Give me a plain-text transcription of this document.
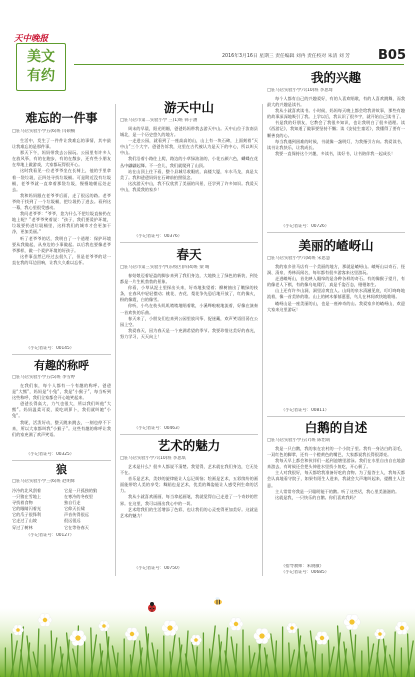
天中晚报
美文有约
2016年3月16日 星期三 责任编辑 刘冉 责任校对 朱清 刘 芳 B05
难忘的一件事
□驻马店实验小学五(6)班 闫硕楠

生活中，发生了一件件让我难忘的事情，其中最让我难忘的是那件事。

那天下午，妈妈带我去公园玩。公园里有许多人在放风筝，有的在跑步，有的在散步，还有些小朋友在草地上做游戏，大家都玩得很开心。

这时我看见一位老爷爷坐在长椅上，他的手里拿着一袋垃圾，正四处寻找垃圾桶。可是附近没有垃圾桶，老爷爷就一直拿着那袋垃圾，慢慢地朝远处走去。

我和妈妈跟在老爷爷后面，走了很远的路。老爷爷终于找到了一个垃圾桶，把垃圾扔了进去。看到这一幕，我心里很受感动。

我问老爷爷：“爷爷，您为什么不把垃圾直接扔在地上呢？”老爷爷笑着说：“孩子，我们要爱护环境，垃圾要扔进垃圾桶里，这样我们的城市才会更加干净，更加美丽。”

听了老爷爷的话，我明白了一个道理：保护环境要从我做起，从身边的小事做起。以后我也要像老爷爷那样，做一个爱护环境的好孩子。

这件事虽然已经过去很久了，但是老爷爷的话一直在我的耳边回响，让我久久难以忘怀。

（小记者证号：00145）
有趣的称呼
□驻马店实验小学五(5)班 李雪婷

在我们家，每个人都有一个有趣的称呼。爸爸是“大熊”，妈妈是“小兔”，我是“小猴子”，每当听到这些称呼，我们全家都会开心地笑起来。

爸爸长得高大，力气也很大，所以我们叫他“大熊”。妈妈温柔可爱，爱吃胡萝卜，我们就叫她“小兔”。

我呢，活泼好动，整天跳来跳去，一刻也停不下来，所以大家都叫我“小猴子”。这些有趣的称呼让我们的家充满了欢声笑语。

（小记者证号：00325）
狼
□驻马店实验小学三(6)班 赵明辉
冷冷的北风刮着
一只狼在雪地上
寻找着食物
它的眼睛闪着光
它的爪子很锋利
它走过了山坡
穿过了树林
它是一只孤独的狼
在寒冷的冬夜里
独自行走
它仰天长啸
声音传得很远
很远很远
它在等待春天
（小记者证号：00127）
游天中山
□驻马店市第二实验小学 三(1)班 韩子涵

周末的早晨，阳光明媚，爸爸妈妈带我去游天中山。天中山位于汝南县城北，是一个历史悠久的地方。

一走进公园，就看到了一座高高的山，山上有一块石碑，上面刻着“天中山”三个大字。爸爸告诉我，这里在古代被认为是天下的中心，所以叫天中山。

我们沿着小路往上爬，路边的小草绿油油的，小花五颜六色，蝴蝶在花丛中翩翩起舞。不一会儿，我们就爬到了山顶。

站在山顶上往下看，整个县城尽收眼底，高楼大厦，车水马龙，真是太美了。我和爸爸妈妈在石碑前拍照留念。

这次游天中山，我不仅欣赏了美丽的风景，还学到了许多知识。我爱天中山，我爱我的家乡！

（小记者证号：00376）
春天
□驻马店市第三实验小学(东校区)四(4)班 梁 晴

春姑娘迈着轻盈的脚步来到了我们身边，大地换上了绿色的新装，到处都是一片生机勃勃的景象。

你看，小草从泥土里探出头来，好奇地张望着；柳树抽出了嫩绿的枝条，在春风中轻轻摆动；桃花、杏花、梨花争先恐后地开放了，红的像火，粉的像霞，白的像雪。

你听，小鸟在枝头叽叽喳喳地唱着歌，小溪哗啦啦地流着，好像在演奏一首欢快的乐曲。

春天来了，小朋友们也来到公园里放风筝、捉迷藏，欢声笑语回荡在公园上空。

我爱春天，因为春天是一个充满希望的季节。我要珍惜这美好的春光，努力学习，天天向上！

（小记者证号：00463）
艺术的魅力
□驻马店实验小学六(10)班 李思琪

艺术是什么？很多人都说不清楚。我觉得，艺术就在我们身边，它无处不在。

音乐是艺术，美妙的旋律能让人忘记烦恼；绘画是艺术，五彩缤纷的画面能带给人美的享受；舞蹈也是艺术，优美的舞姿能让人感受到生命的活力。

我从小就喜欢画画，每当拿起画笔，我就觉得自己走进了一个奇妙的世界。在这里，我可以画出我心中的一切。

艺术给我们的生活增添了色彩，也让我们的心灵变得更加美好。这就是艺术的魅力！

（小记者证号：00750）
我的兴趣
□驻马店实验小学六(10)班 李思琦

每个人都有自己的兴趣爱好，有的人喜欢唱歌，有的人喜欢跳舞，而我最大的兴趣是读书。

我从小就喜欢读书。小时候，妈妈每天晚上都会给我讲故事，那些有趣的故事深深地吸引了我。上学以后，我认识了很多字，就开始自己读书了。

书是我的好朋友，它教会了我很多知识，也让我明白了很多道理。读《西游记》，我知道了做事要坚持不懈；读《安徒生童话》，我懂得了要有一颗善良的心。

每当我遇到困难的时候，书就像一盏明灯，为我指引方向。我爱读书，读书让我快乐，让我成长。

我要一直保持这个兴趣，多读书，读好书，让书陪伴我一起成长！

（小记者证号：00726）
美丽的嵖岈山
□驻马店实验小学六(8)班 宋思慧

我的家乡驻马店有一个美丽的地方，那就是嵖岈山。嵖岈山以奇石、怪洞、清泉、秀林而闻名，每年都有很多游客来这里游玩。

走进嵖岈山，首先映入眼帘的是各种各样的奇石。有的像猴子望月，有的像老人下棋，有的像乌龟爬行，真是千姿百态，栩栩如生。

山上还有许多山洞，洞里凉爽宜人。山间的泉水清澈见底，叮叮咚咚地流着，像一首美妙的歌。山上的树木郁郁葱葱，鸟儿在林间欢快地歌唱。

嵖岈山是一座美丽的山，也是一座神奇的山。我爱家乡的嵖岈山，欢迎大家来这里游玩！

（小记者证号：00811）
白鹅的自述
□驻马店实验小学五(7)班 陈怡萌

我是一只白鹅，我的家在农村的一个小院子里。我有一身洁白的羽毛，一双红色的脚掌，还有一个橙黄色的嘴巴，大家都说我长得很漂亮。

我每天早上都会和伙伴们一起到池塘里游泳。我们在水里自由自在地游来游去，有时候还会把头伸进水里找小鱼吃，开心极了。

主人对我很好，每天都给我准备好吃的食物。为了报答主人，我每天都会认真地看守院子，如果有陌生人进来，我就会大声地叫起来，提醒主人注意。

主人常常夸我是一只聪明能干的鹅。听了这些话，我心里美滋滋的。

这就是我，一只快乐的白鹅。你们喜欢我吗？

（指导教师：朱晓敏）
（小记者证号：00685）
